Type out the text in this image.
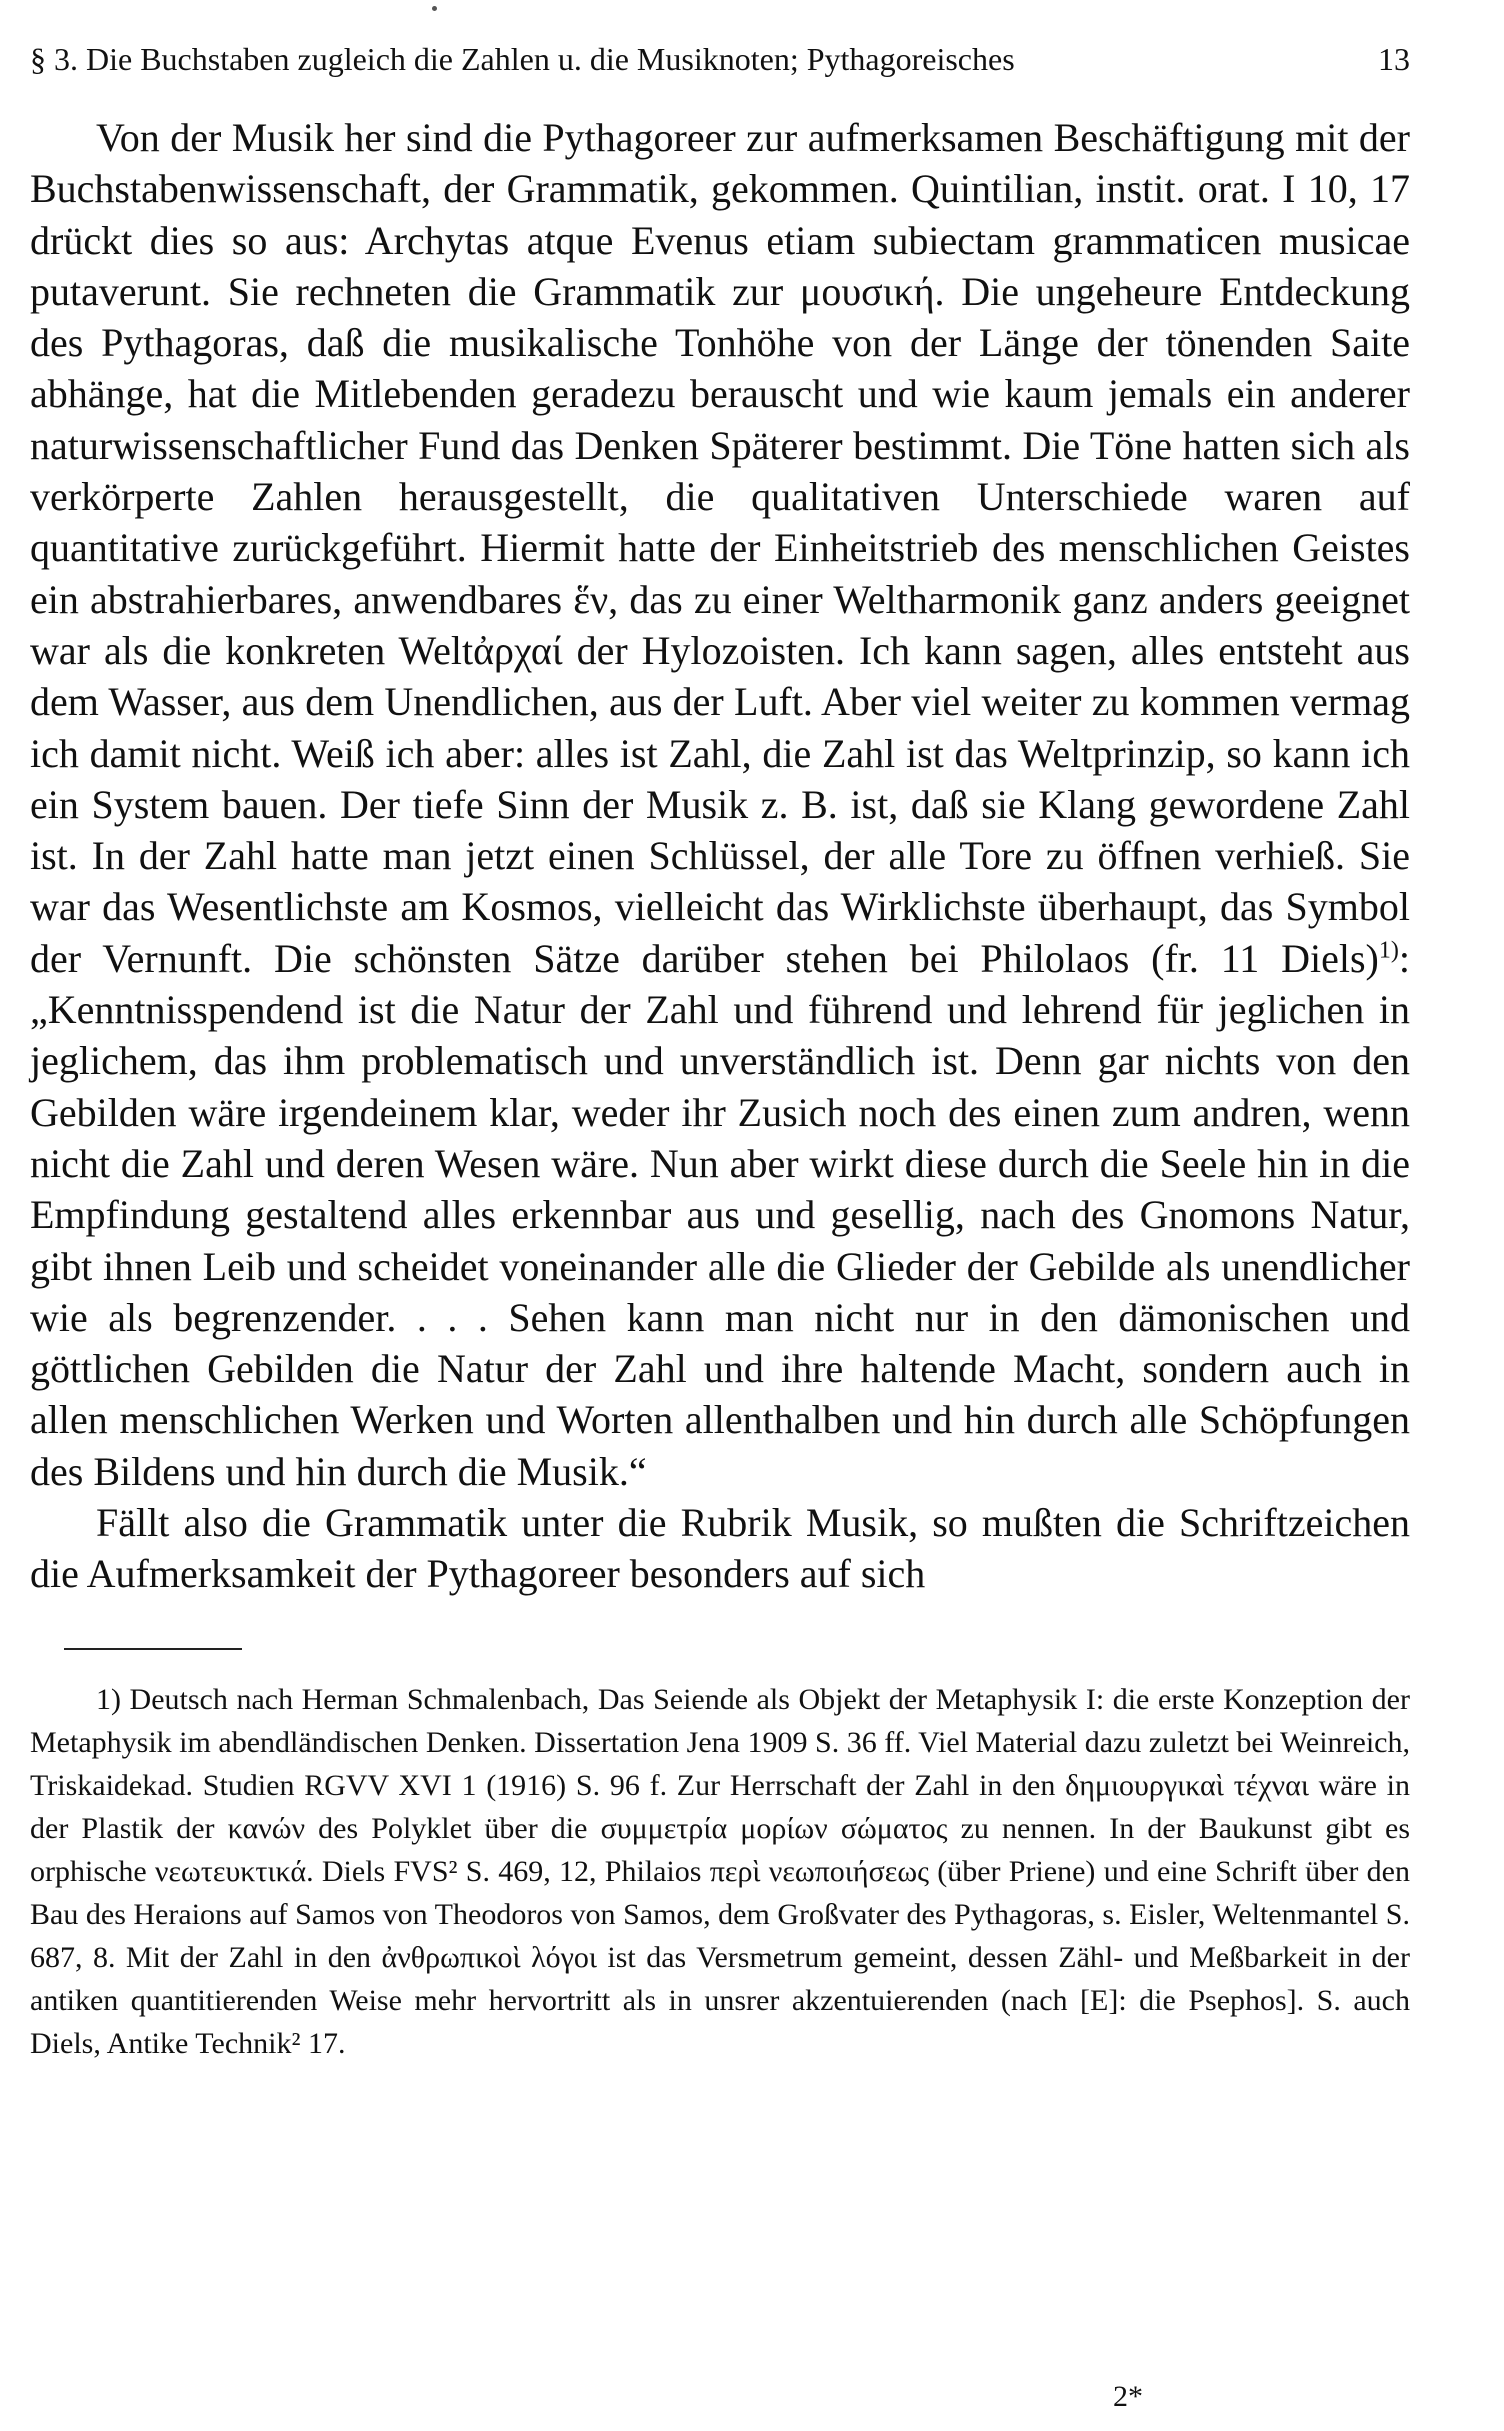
§ 3. Die Buchstaben zugleich die Zahlen u. die Musiknoten; Pythagoreisches	13

Von der Musik her sind die Pythagoreer zur aufmerksamen Beschäftigung mit der Buchstabenwissenschaft, der Grammatik, gekommen. Quintilian, instit. orat. I 10, 17 drückt dies so aus: Archytas atque Evenus etiam subiectam grammaticen musicae putaverunt. Sie rechneten die Grammatik zur μουσική. Die ungeheure Entdeckung des Pythagoras, daß die musikalische Tonhöhe von der Länge der tönenden Saite abhänge, hat die Mitlebenden geradezu berauscht und wie kaum jemals ein anderer naturwissenschaftlicher Fund das Denken Späterer bestimmt. Die Töne hatten sich als verkörperte Zahlen herausgestellt, die qualitativen Unterschiede waren auf quantitative zurückgeführt. Hiermit hatte der Einheitstrieb des menschlichen Geistes ein abstrahierbares, anwendbares ἕν, das zu einer Weltharmonik ganz anders geeignet war als die konkreten Weltἀρχαί der Hylozoisten. Ich kann sagen, alles entsteht aus dem Wasser, aus dem Unendlichen, aus der Luft. Aber viel weiter zu kommen vermag ich damit nicht. Weiß ich aber: alles ist Zahl, die Zahl ist das Weltprinzip, so kann ich ein System bauen. Der tiefe Sinn der Musik z. B. ist, daß sie Klang gewordene Zahl ist. In der Zahl hatte man jetzt einen Schlüssel, der alle Tore zu öffnen verhieß. Sie war das Wesentlichste am Kosmos, vielleicht das Wirklichste überhaupt, das Symbol der Vernunft. Die schönsten Sätze darüber stehen bei Philolaos (fr. 11 Diels)$^{1)}$: „Kenntnisspendend ist die Natur der Zahl und führend und lehrend für jeglichen in jeglichem, das ihm problematisch und unverständlich ist. Denn gar nichts von den Gebilden wäre irgendeinem klar, weder ihr Zusich noch des einen zum andren, wenn nicht die Zahl und deren Wesen wäre. Nun aber wirkt diese durch die Seele hin in die Empfindung gestaltend alles erkennbar aus und gesellig, nach des Gnomons Natur, gibt ihnen Leib und scheidet voneinander alle die Glieder der Gebilde als unendlicher wie als begrenzender. . . . Sehen kann man nicht nur in den dämonischen und göttlichen Gebilden die Natur der Zahl und ihre haltende Macht, sondern auch in allen menschlichen Werken und Worten allenthalben und hin durch alle Schöpfungen des Bildens und hin durch die Musik.“

Fällt also die Grammatik unter die Rubrik Musik, so mußten die Schriftzeichen die Aufmerksamkeit der Pythagoreer besonders auf sich

1) Deutsch nach Herman Schmalenbach, Das Seiende als Objekt der Metaphysik I: die erste Konzeption der Metaphysik im abendländischen Denken. Dissertation Jena 1909 S. 36 ff. Viel Material dazu zuletzt bei Weinreich, Triskaidekad. Studien RGVV XVI 1 (1916) S. 96 f. Zur Herrschaft der Zahl in den δημιουργικαὶ τέχναι wäre in der Plastik der κανών des Polyklet über die συμμετρία μορίων σώματος zu nennen. In der Baukunst gibt es orphische νεωτευκτικά. Diels FVS² S. 469, 12, Philaios περὶ νεωποιήσεως (über Priene) und eine Schrift über den Bau des Heraions auf Samos von Theodoros von Samos, dem Großvater des Pythagoras, s. Eisler, Weltenmantel S. 687, 8. Mit der Zahl in den ἀνθρωπικοὶ λόγοι ist das Versmetrum gemeint, dessen Zähl- und Meßbarkeit in der antiken quantitierenden Weise mehr hervortritt als in unsrer akzentuierenden (nach [E]: die Psephos]. S. auch Diels, Antike Technik² 17.

2*
